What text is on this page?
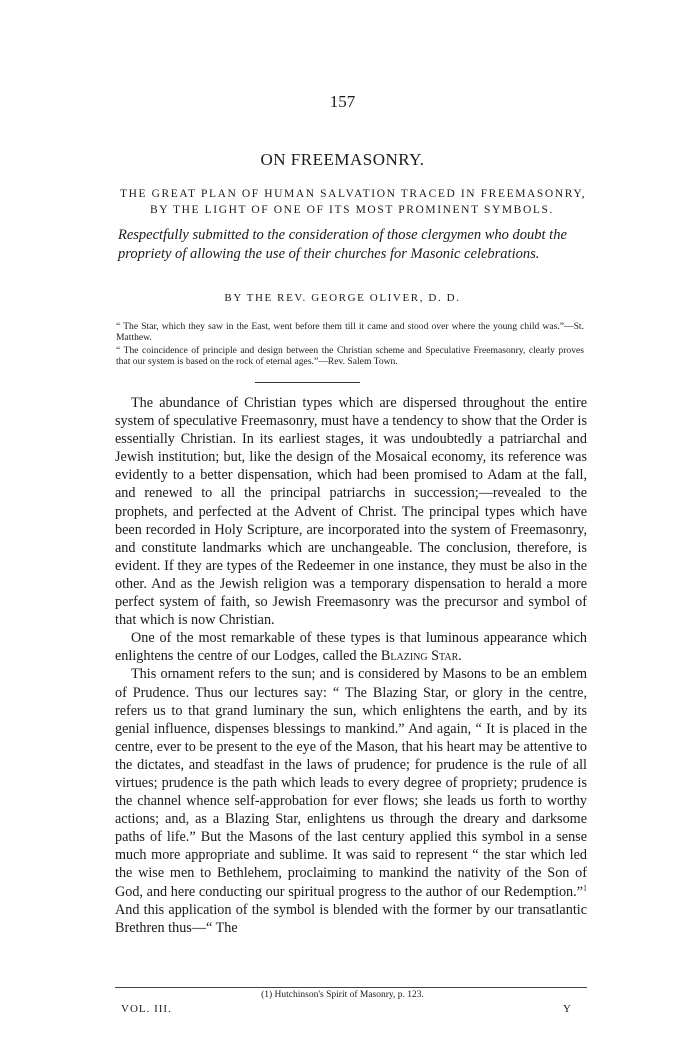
157
ON FREEMASONRY.
THE GREAT PLAN OF HUMAN SALVATION TRACED IN FREEMASONRY,
BY THE LIGHT OF ONE OF ITS MOST PROMINENT SYMBOLS.
Respectfully submitted to the consideration of those clergymen who doubt the propriety of allowing the use of their churches for Masonic celebrations.
BY THE REV. GEORGE OLIVER, D. D.
“ The Star, which they saw in the East, went before them till it came and stood over where the young child was.”—St. Matthew.
“ The coincidence of principle and design between the Christian scheme and Speculative Freemasonry, clearly proves that our system is based on the rock of eternal ages.”—Rev. Salem Town.

The abundance of Christian types which are dispersed throughout the entire system of speculative Freemasonry, must have a tendency to show that the Order is essentially Christian. In its earliest stages, it was undoubtedly a patriarchal and Jewish institution; but, like the design of the Mosaical economy, its reference was evidently to a better dispensation, which had been promised to Adam at the fall, and renewed to all the principal patriarchs in succession;—revealed to the prophets, and perfected at the Advent of Christ. The principal types which have been recorded in Holy Scripture, are incorporated into the system of Freemasonry, and constitute landmarks which are unchangeable. The conclusion, therefore, is evident. If they are types of the Redeemer in one instance, they must be also in the other. And as the Jewish religion was a temporary dispensation to herald a more perfect system of faith, so Jewish Freemasonry was the precursor and symbol of that which is now Christian.

One of the most remarkable of these types is that luminous appearance which enlightens the centre of our Lodges, called the Blazing Star.

This ornament refers to the sun; and is considered by Masons to be an emblem of Prudence. Thus our lectures say: “ The Blazing Star, or glory in the centre, refers us to that grand luminary the sun, which enlightens the earth, and by its genial influence, dispenses blessings to mankind.” And again, “ It is placed in the centre, ever to be present to the eye of the Mason, that his heart may be attentive to the dictates, and steadfast in the laws of prudence; for prudence is the rule of all virtues; prudence is the path which leads to every degree of propriety; prudence is the channel whence self-approbation for ever flows; she leads us forth to worthy actions; and, as a Blazing Star, enlightens us through the dreary and darksome paths of life.” But the Masons of the last century applied this symbol in a sense much more appropriate and sublime. It was said to represent “ the star which led the wise men to Bethlehem, proclaiming to mankind the nativity of the Son of God, and here conducting our spiritual progress to the author of our Redemption.”$^1$ And this application of the symbol is blended with the former by our transatlantic Brethren thus—“ The

(1) Hutchinson's Spirit of Masonry, p. 123.
VOL. III.	Y
